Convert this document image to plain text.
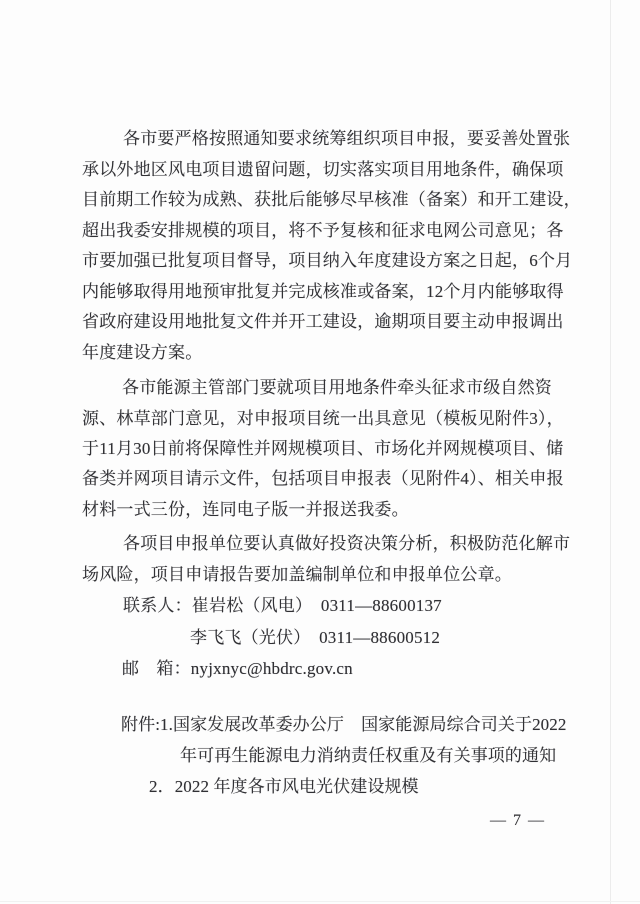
各市要严格按照通知要求统筹组织项目申报，要妥善处置张
承以外地区风电项目遗留问题，切实落实项目用地条件，确保项
目前期工作较为成熟、获批后能够尽早核准（备案）和开工建设，
超出我委安排规模的项目，将不予复核和征求电网公司意见；各
市要加强已批复项目督导，项目纳入年度建设方案之日起，6个月
内能够取得用地预审批复并完成核准或备案，12个月内能够取得
省政府建设用地批复文件并开工建设，逾期项目要主动申报调出
年度建设方案。
各市能源主管部门要就项目用地条件牵头征求市级自然资
源、林草部门意见，对申报项目统一出具意见（模板见附件3），
于11月30日前将保障性并网规模项目、市场化并网规模项目、储
备类并网项目请示文件，包括项目申报表（见附件4）、相关申报
材料一式三份，连同电子版一并报送我委。
各项目申报单位要认真做好投资决策分析，积极防范化解市
场风险，项目申请报告要加盖编制单位和申报单位公章。
联系人：崔岩松（风电）　0311—88600137
李飞飞（光伏）　0311—88600512
邮　箱：nyjxnyc@hbdrc.gov.cn
附件:1.国家发展改革委办公厅　国家能源局综合司关于2022
年可再生能源电力消纳责任权重及有关事项的通知
2．2022 年度各市风电光伏建设规模
— 7 —
